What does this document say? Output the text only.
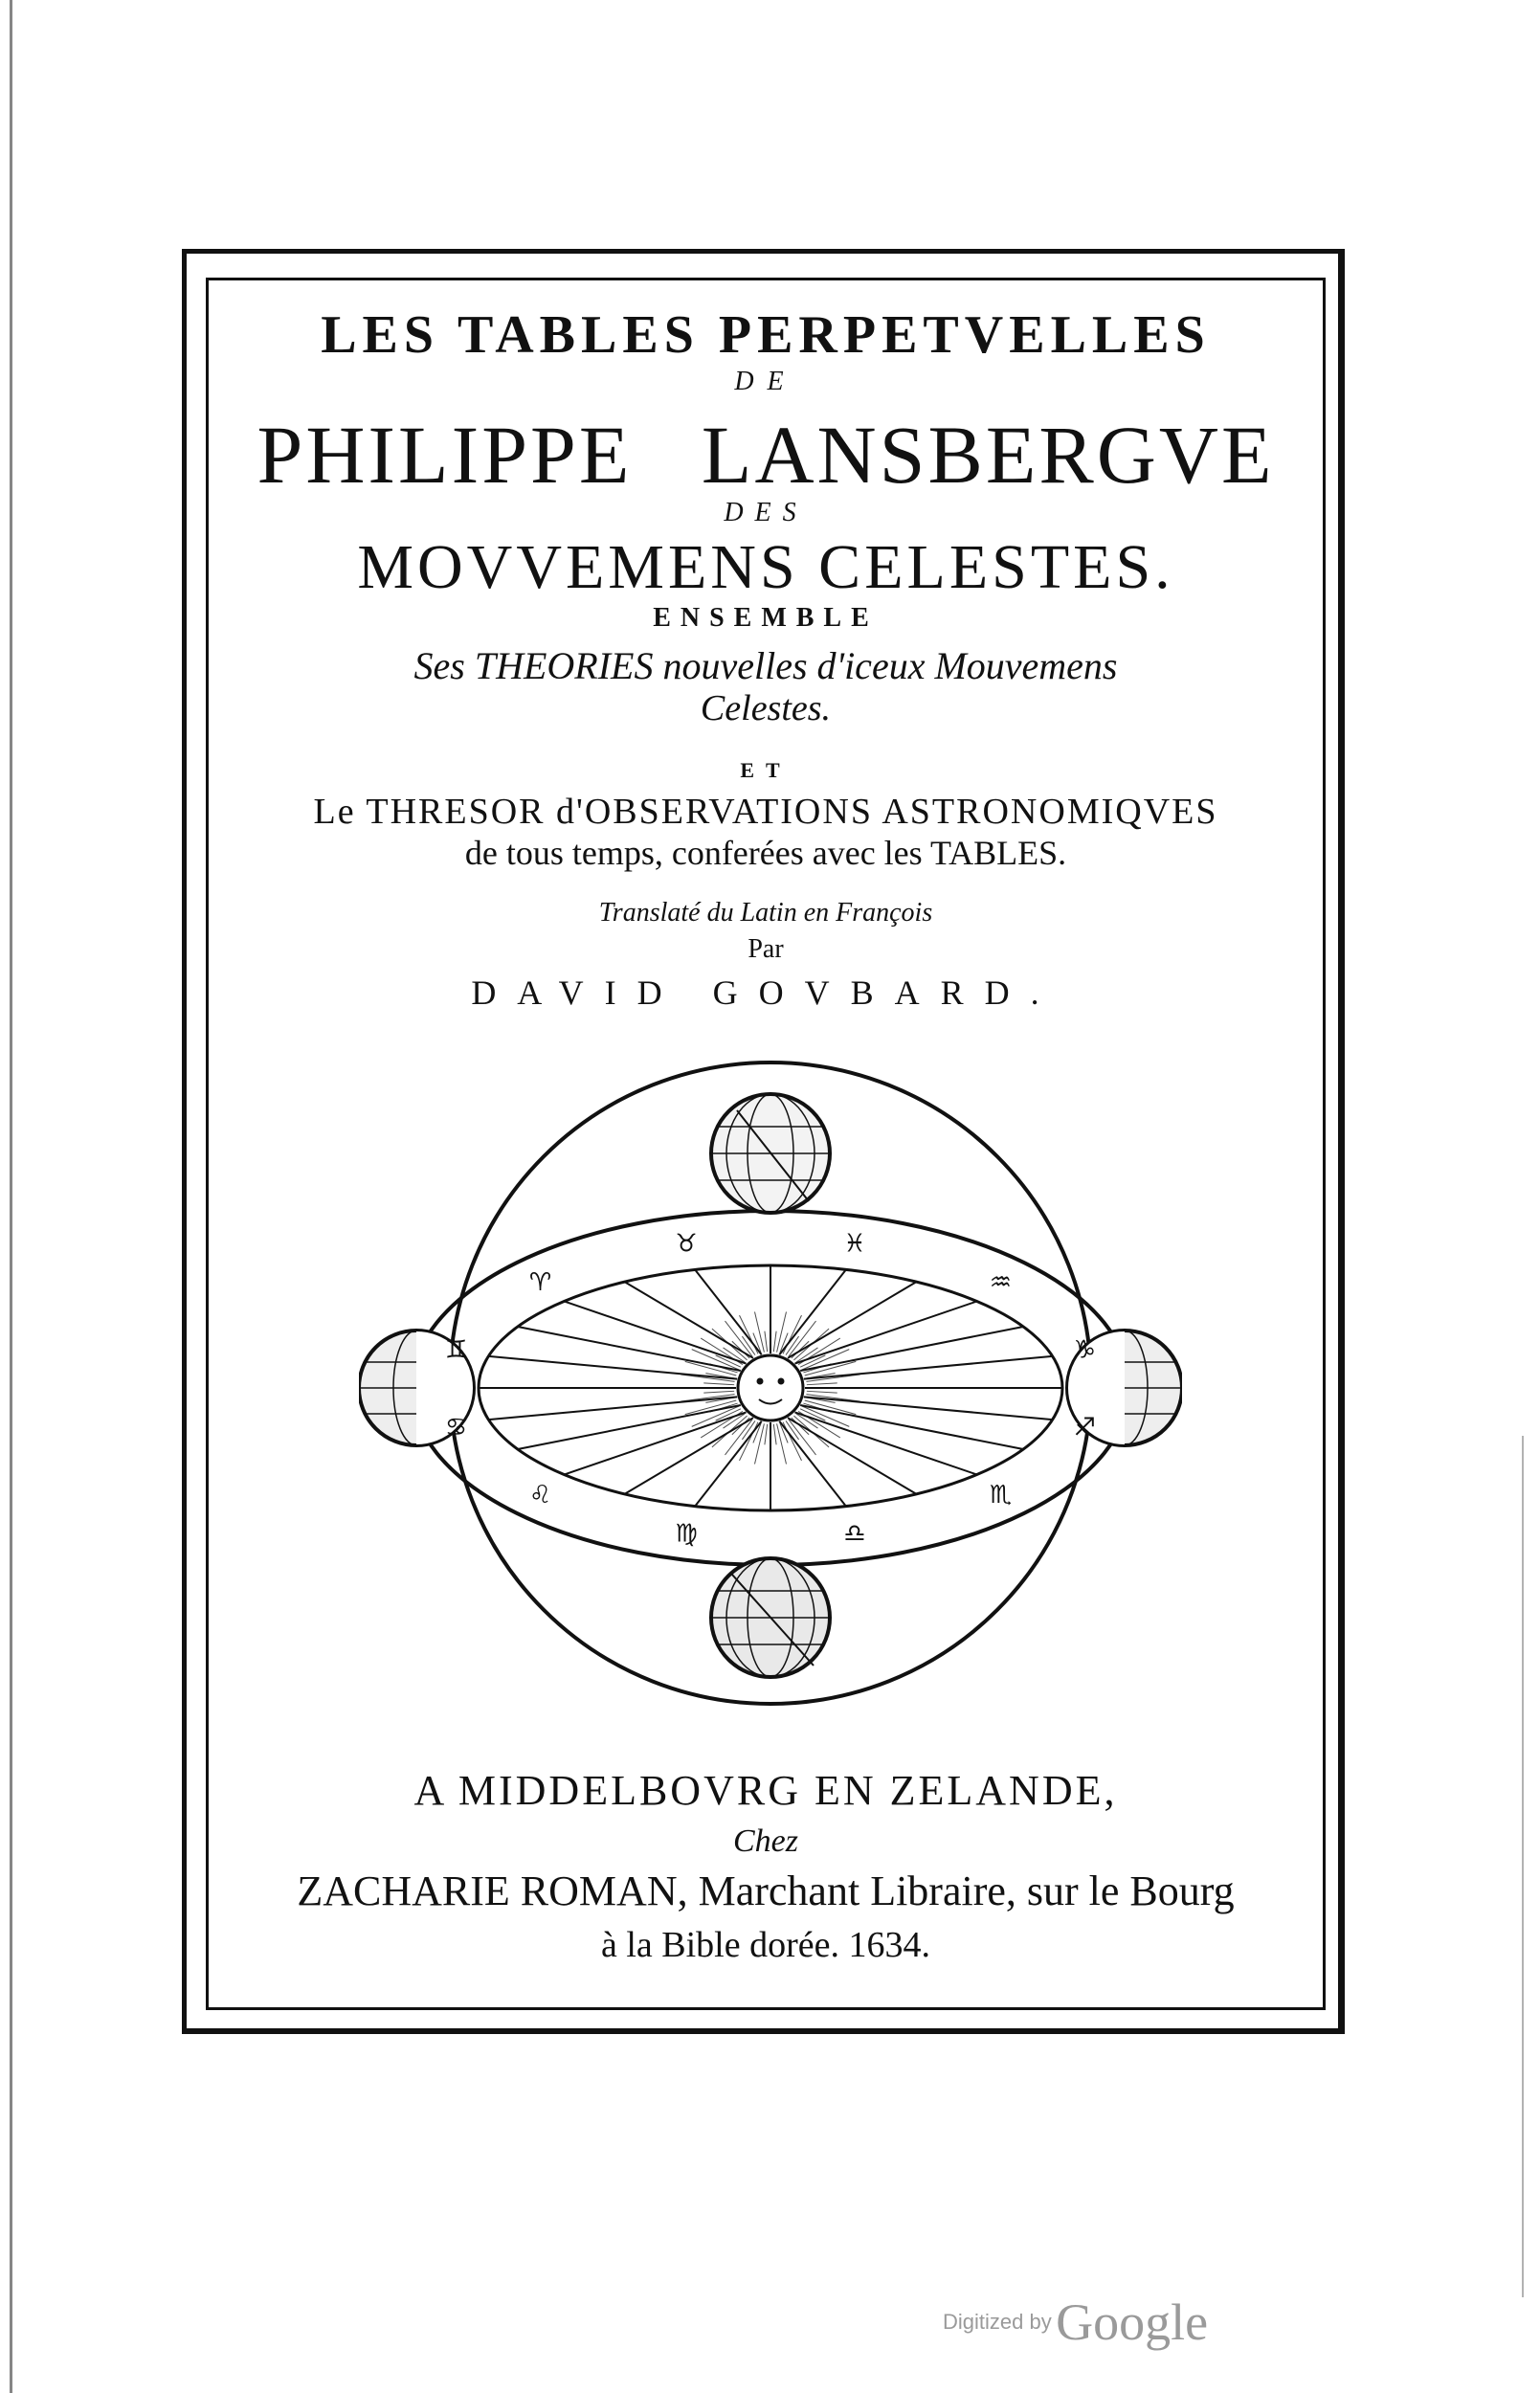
LES TABLES PERPETVELLES
DE
PHILIPPE LANSBERGVE
DES
MOVVEMENS CELESTES.
ENSEMBLE
Ses THEORIES nouvelles d'iceux Mouvemens
Celestes.
ET
Le THRESOR d'OBSERVATIONS ASTRONOMIQVES
de tous temps, conferées avec les TABLES.
Translaté du Latin en François
Par
DAVID GOVBARD.
♉	♓
♒
♑
♐
♏
♎
♍
♌
♋
♊
♈
A MIDDELBOVRG EN ZELANDE,
Chez
ZACHARIE ROMAN, Marchant Libraire, sur le Bourg
à la Bible dorée. 1634.
Digitized by Google
